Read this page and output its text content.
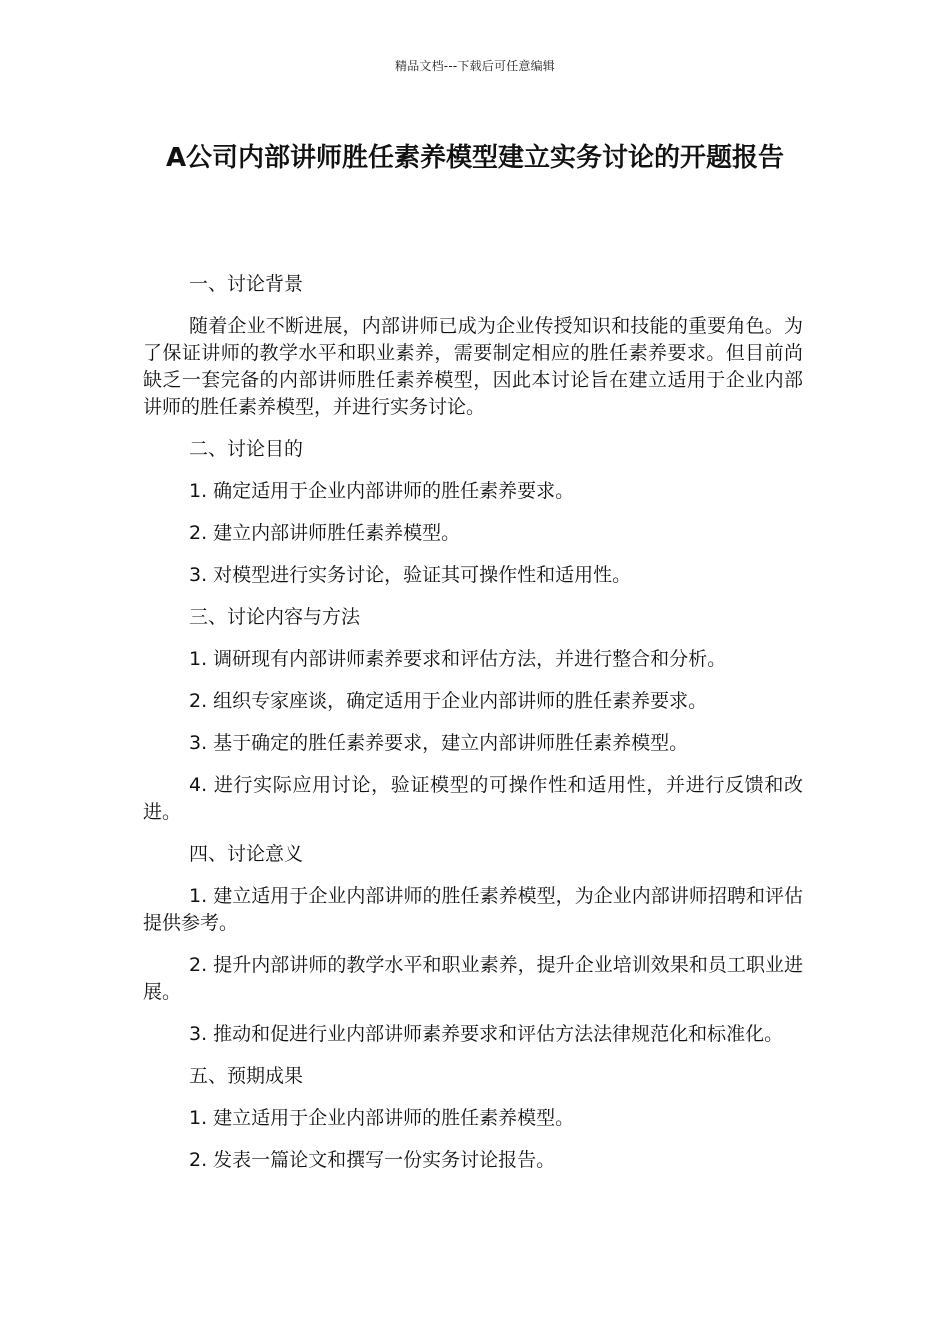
精品文档---下载后可任意编辑
A公司内部讲师胜任素养模型建立实务讨论的开题报告

一、讨论背景

随着企业不断进展，内部讲师已成为企业传授知识和技能的重要角色。为了保证讲师的教学水平和职业素养，需要制定相应的胜任素养要求。但目前尚缺乏一套完备的内部讲师胜任素养模型，因此本讨论旨在建立适用于企业内部讲师的胜任素养模型，并进行实务讨论。

二、讨论目的

1. 确定适用于企业内部讲师的胜任素养要求。

2. 建立内部讲师胜任素养模型。

3. 对模型进行实务讨论，验证其可操作性和适用性。

三、讨论内容与方法

1. 调研现有内部讲师素养要求和评估方法，并进行整合和分析。

2. 组织专家座谈，确定适用于企业内部讲师的胜任素养要求。

3. 基于确定的胜任素养要求，建立内部讲师胜任素养模型。

4. 进行实际应用讨论，验证模型的可操作性和适用性，并进行反馈和改进。

四、讨论意义

1. 建立适用于企业内部讲师的胜任素养模型，为企业内部讲师招聘和评估提供参考。

2. 提升内部讲师的教学水平和职业素养，提升企业培训效果和员工职业进展。

3. 推动和促进行业内部讲师素养要求和评估方法法律规范化和标准化。

五、预期成果

1. 建立适用于企业内部讲师的胜任素养模型。

2. 发表一篇论文和撰写一份实务讨论报告。
